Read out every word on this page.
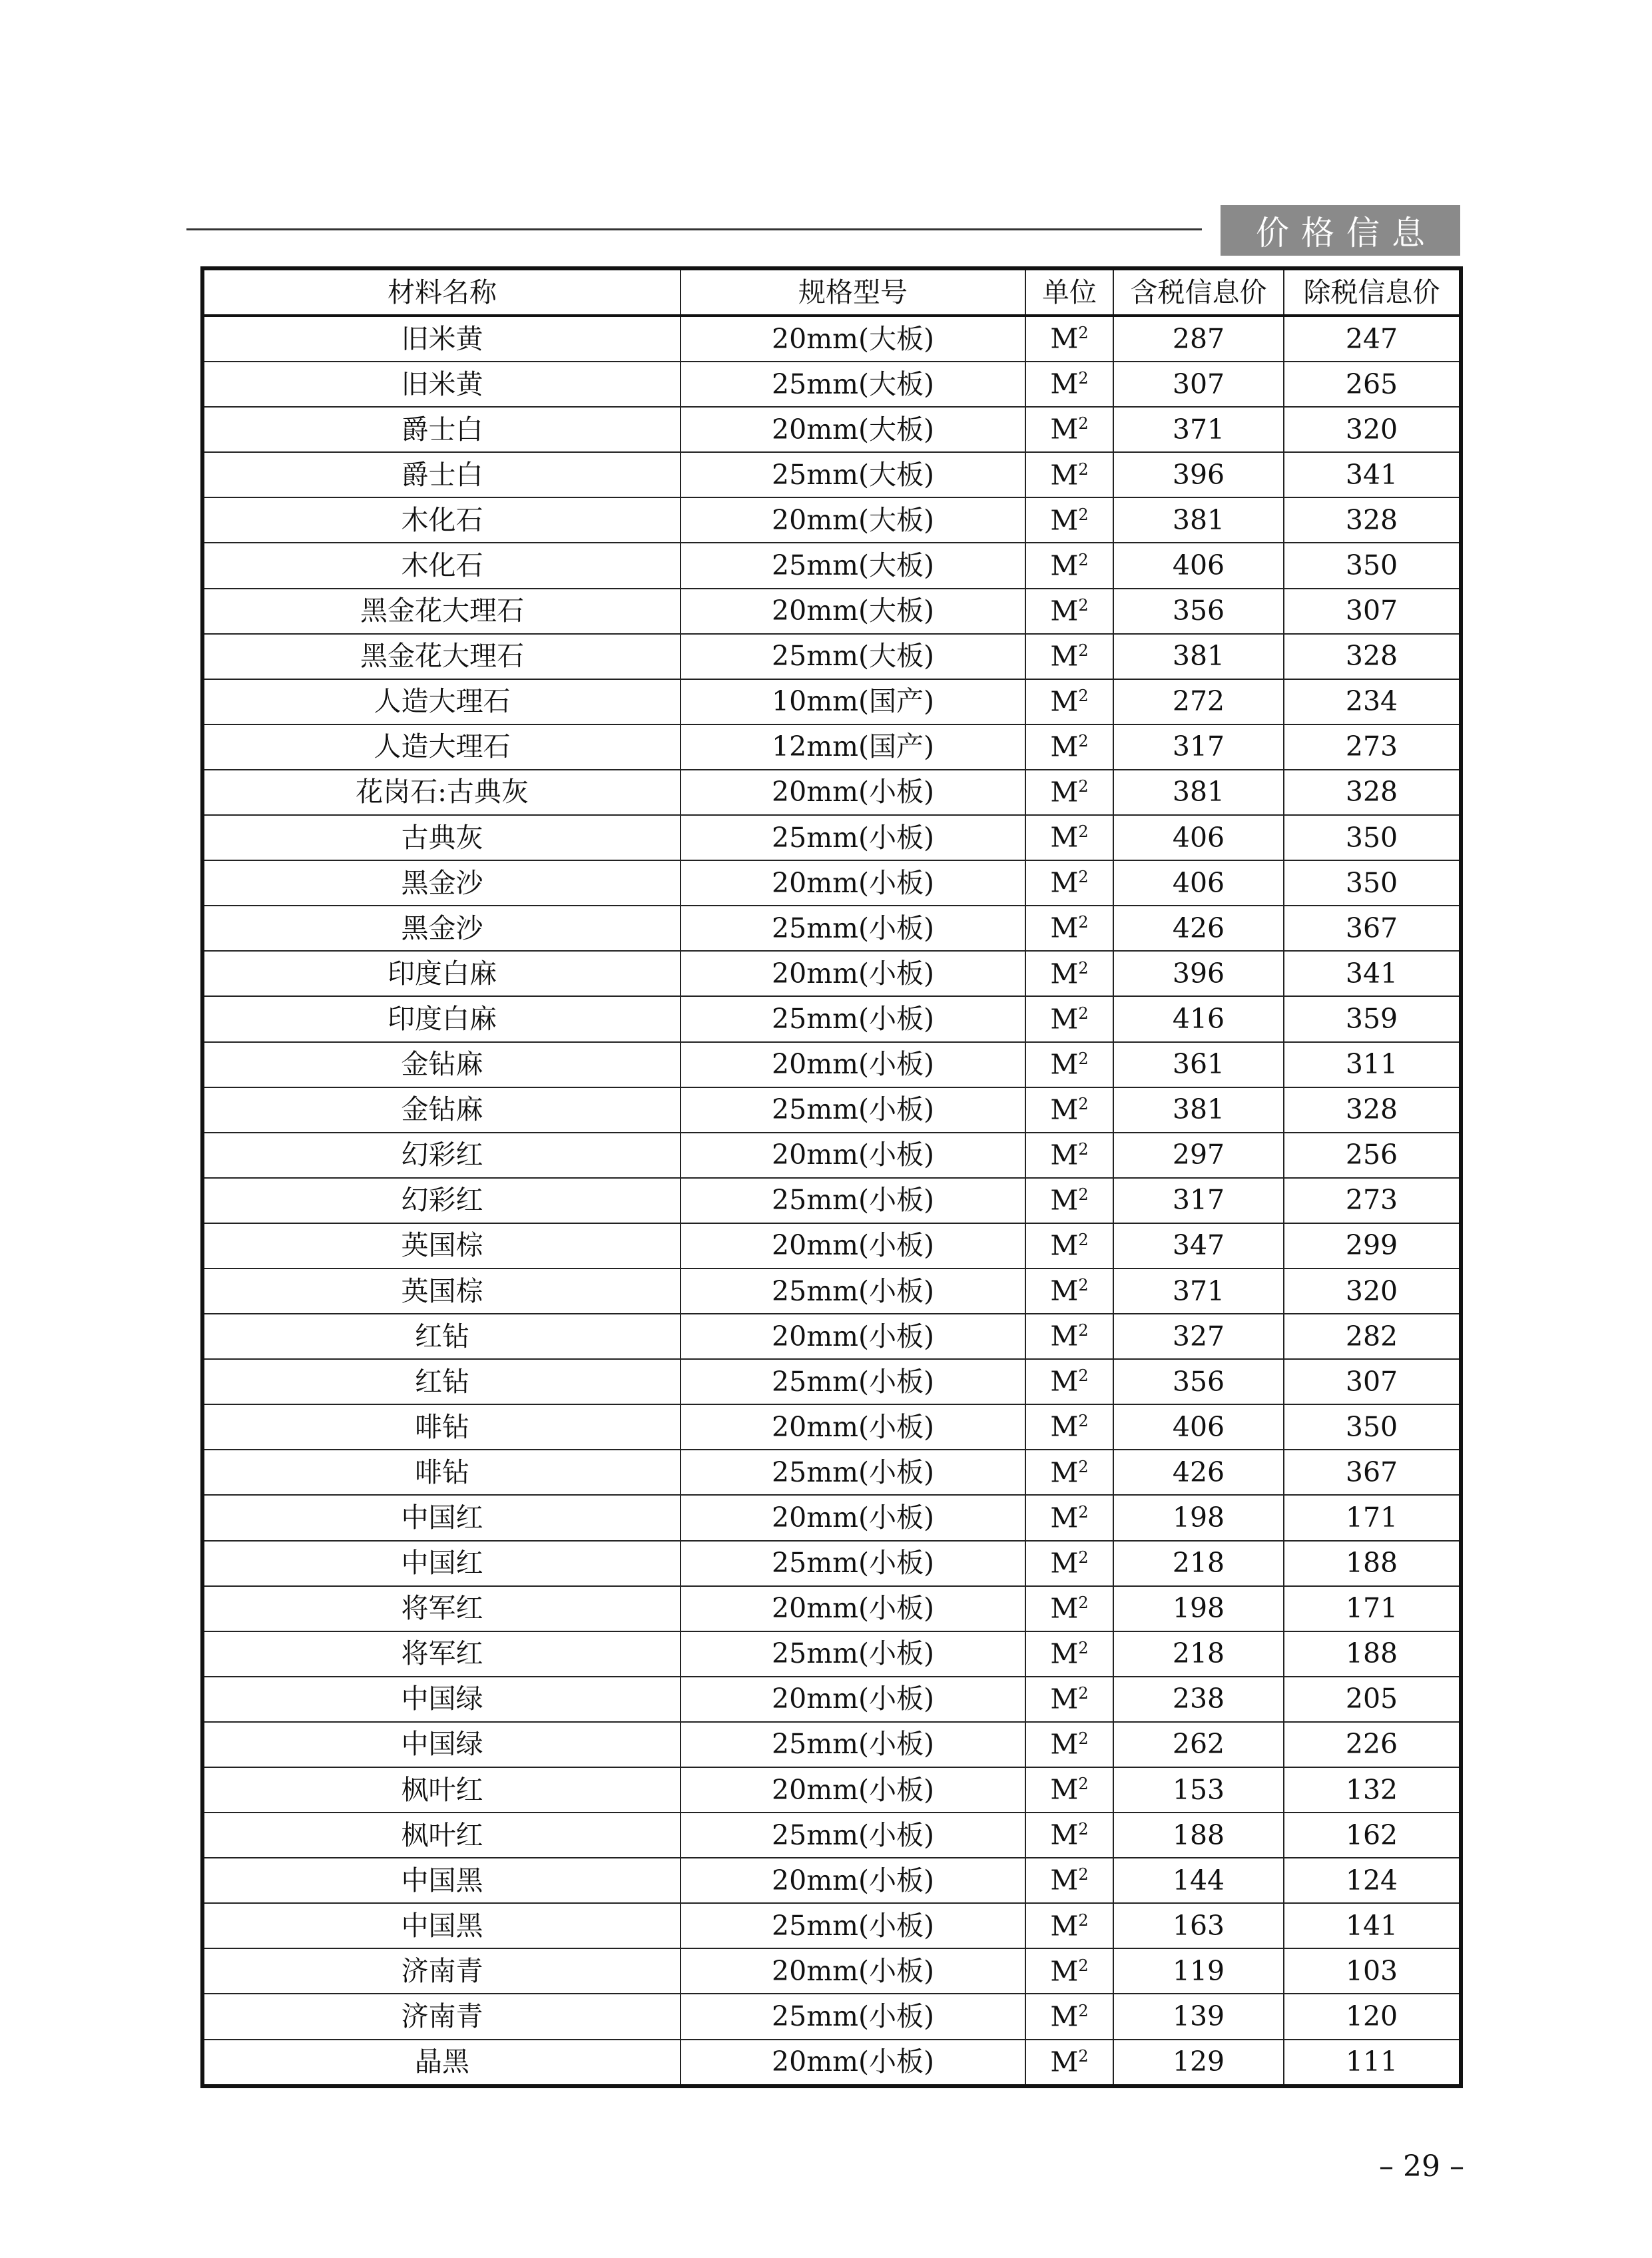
价格信息
材料名称	规格型号	单位	含税信息价	除税信息价
旧米黄	20mm(大板)	$M^2$	287	247
旧米黄	25mm(大板)	$M^2$	307	265
爵士白	20mm(大板)	$M^2$	371	320
爵士白	25mm(大板)	$M^2$	396	341
木化石	20mm(大板)	$M^2$	381	328
木化石	25mm(大板)	$M^2$	406	350
黑金花大理石	20mm(大板)	$M^2$	356	307
黑金花大理石	25mm(大板)	$M^2$	381	328
人造大理石	10mm(国产)	$M^2$	272	234
人造大理石	12mm(国产)	$M^2$	317	273
花岗石:古典灰	20mm(小板)	$M^2$	381	328
古典灰	25mm(小板)	$M^2$	406	350
黑金沙	20mm(小板)	$M^2$	406	350
黑金沙	25mm(小板)	$M^2$	426	367
印度白麻	20mm(小板)	$M^2$	396	341
印度白麻	25mm(小板)	$M^2$	416	359
金钻麻	20mm(小板)	$M^2$	361	311
金钻麻	25mm(小板)	$M^2$	381	328
幻彩红	20mm(小板)	$M^2$	297	256
幻彩红	25mm(小板)	$M^2$	317	273
英国棕	20mm(小板)	$M^2$	347	299
英国棕	25mm(小板)	$M^2$	371	320
红钻	20mm(小板)	$M^2$	327	282
红钻	25mm(小板)	$M^2$	356	307
啡钻	20mm(小板)	$M^2$	406	350
啡钻	25mm(小板)	$M^2$	426	367
中国红	20mm(小板)	$M^2$	198	171
中国红	25mm(小板)	$M^2$	218	188
将军红	20mm(小板)	$M^2$	198	171
将军红	25mm(小板)	$M^2$	218	188
中国绿	20mm(小板)	$M^2$	238	205
中国绿	25mm(小板)	$M^2$	262	226
枫叶红	20mm(小板)	$M^2$	153	132
枫叶红	25mm(小板)	$M^2$	188	162
中国黑	20mm(小板)	$M^2$	144	124
中国黑	25mm(小板)	$M^2$	163	141
济南青	20mm(小板)	$M^2$	119	103
济南青	25mm(小板)	$M^2$	139	120
晶黑	20mm(小板)	$M^2$	129	111
– 29 –
